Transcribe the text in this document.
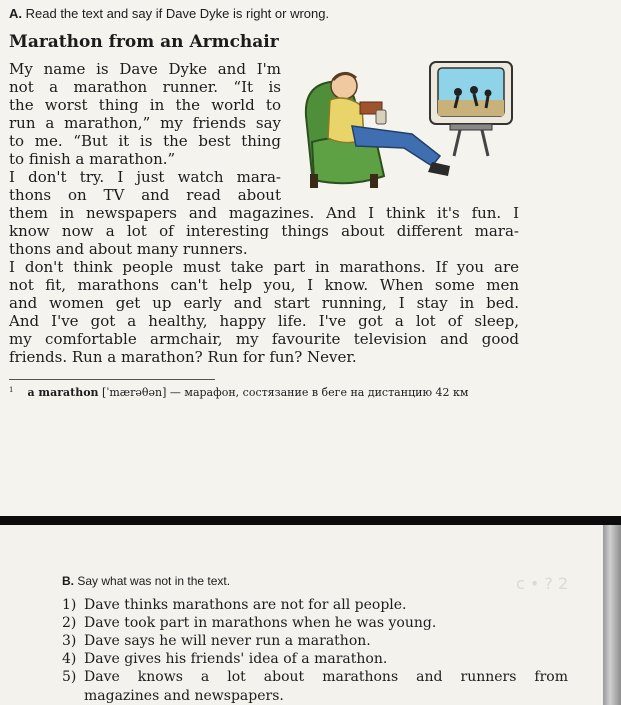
A. Read the text and say if Dave Dyke is right or wrong.
Marathon from an Armchair
My name is Dave Dyke and I'm
not a marathon runner. “It is
the worst thing in the world to
run a marathon,” my friends say
to me. “But it is the best thing
to finish a marathon.”
I don't try. I just watch mara-
thons on TV and read about
them in newspapers and magazines. And I think it's fun. I
know now a lot of interesting things about different mara-
thons and about many runners.
I don't think people must take part in marathons. If you are
not fit, marathons can't help you, I know. When some men
and women get up early and start running, I stay in bed.
And I've got a healthy, happy life. I've got a lot of sleep,
my comfortable armchair, my favourite television and good
friends. Run a marathon? Run for fun? Never.
$^1$ a marathon [ˈmærəθən] — марафон, состязание в беге на дистанцию 42 км
B. Say what was not in the text.	c • ? 2
1) Dave thinks marathons are not for all people.
2) Dave took part in marathons when he was young.
3) Dave says he will never run a marathon.
4) Dave gives his friends' idea of a marathon.
5) Dave knows a lot about marathons and runners from
magazines and newspapers.
